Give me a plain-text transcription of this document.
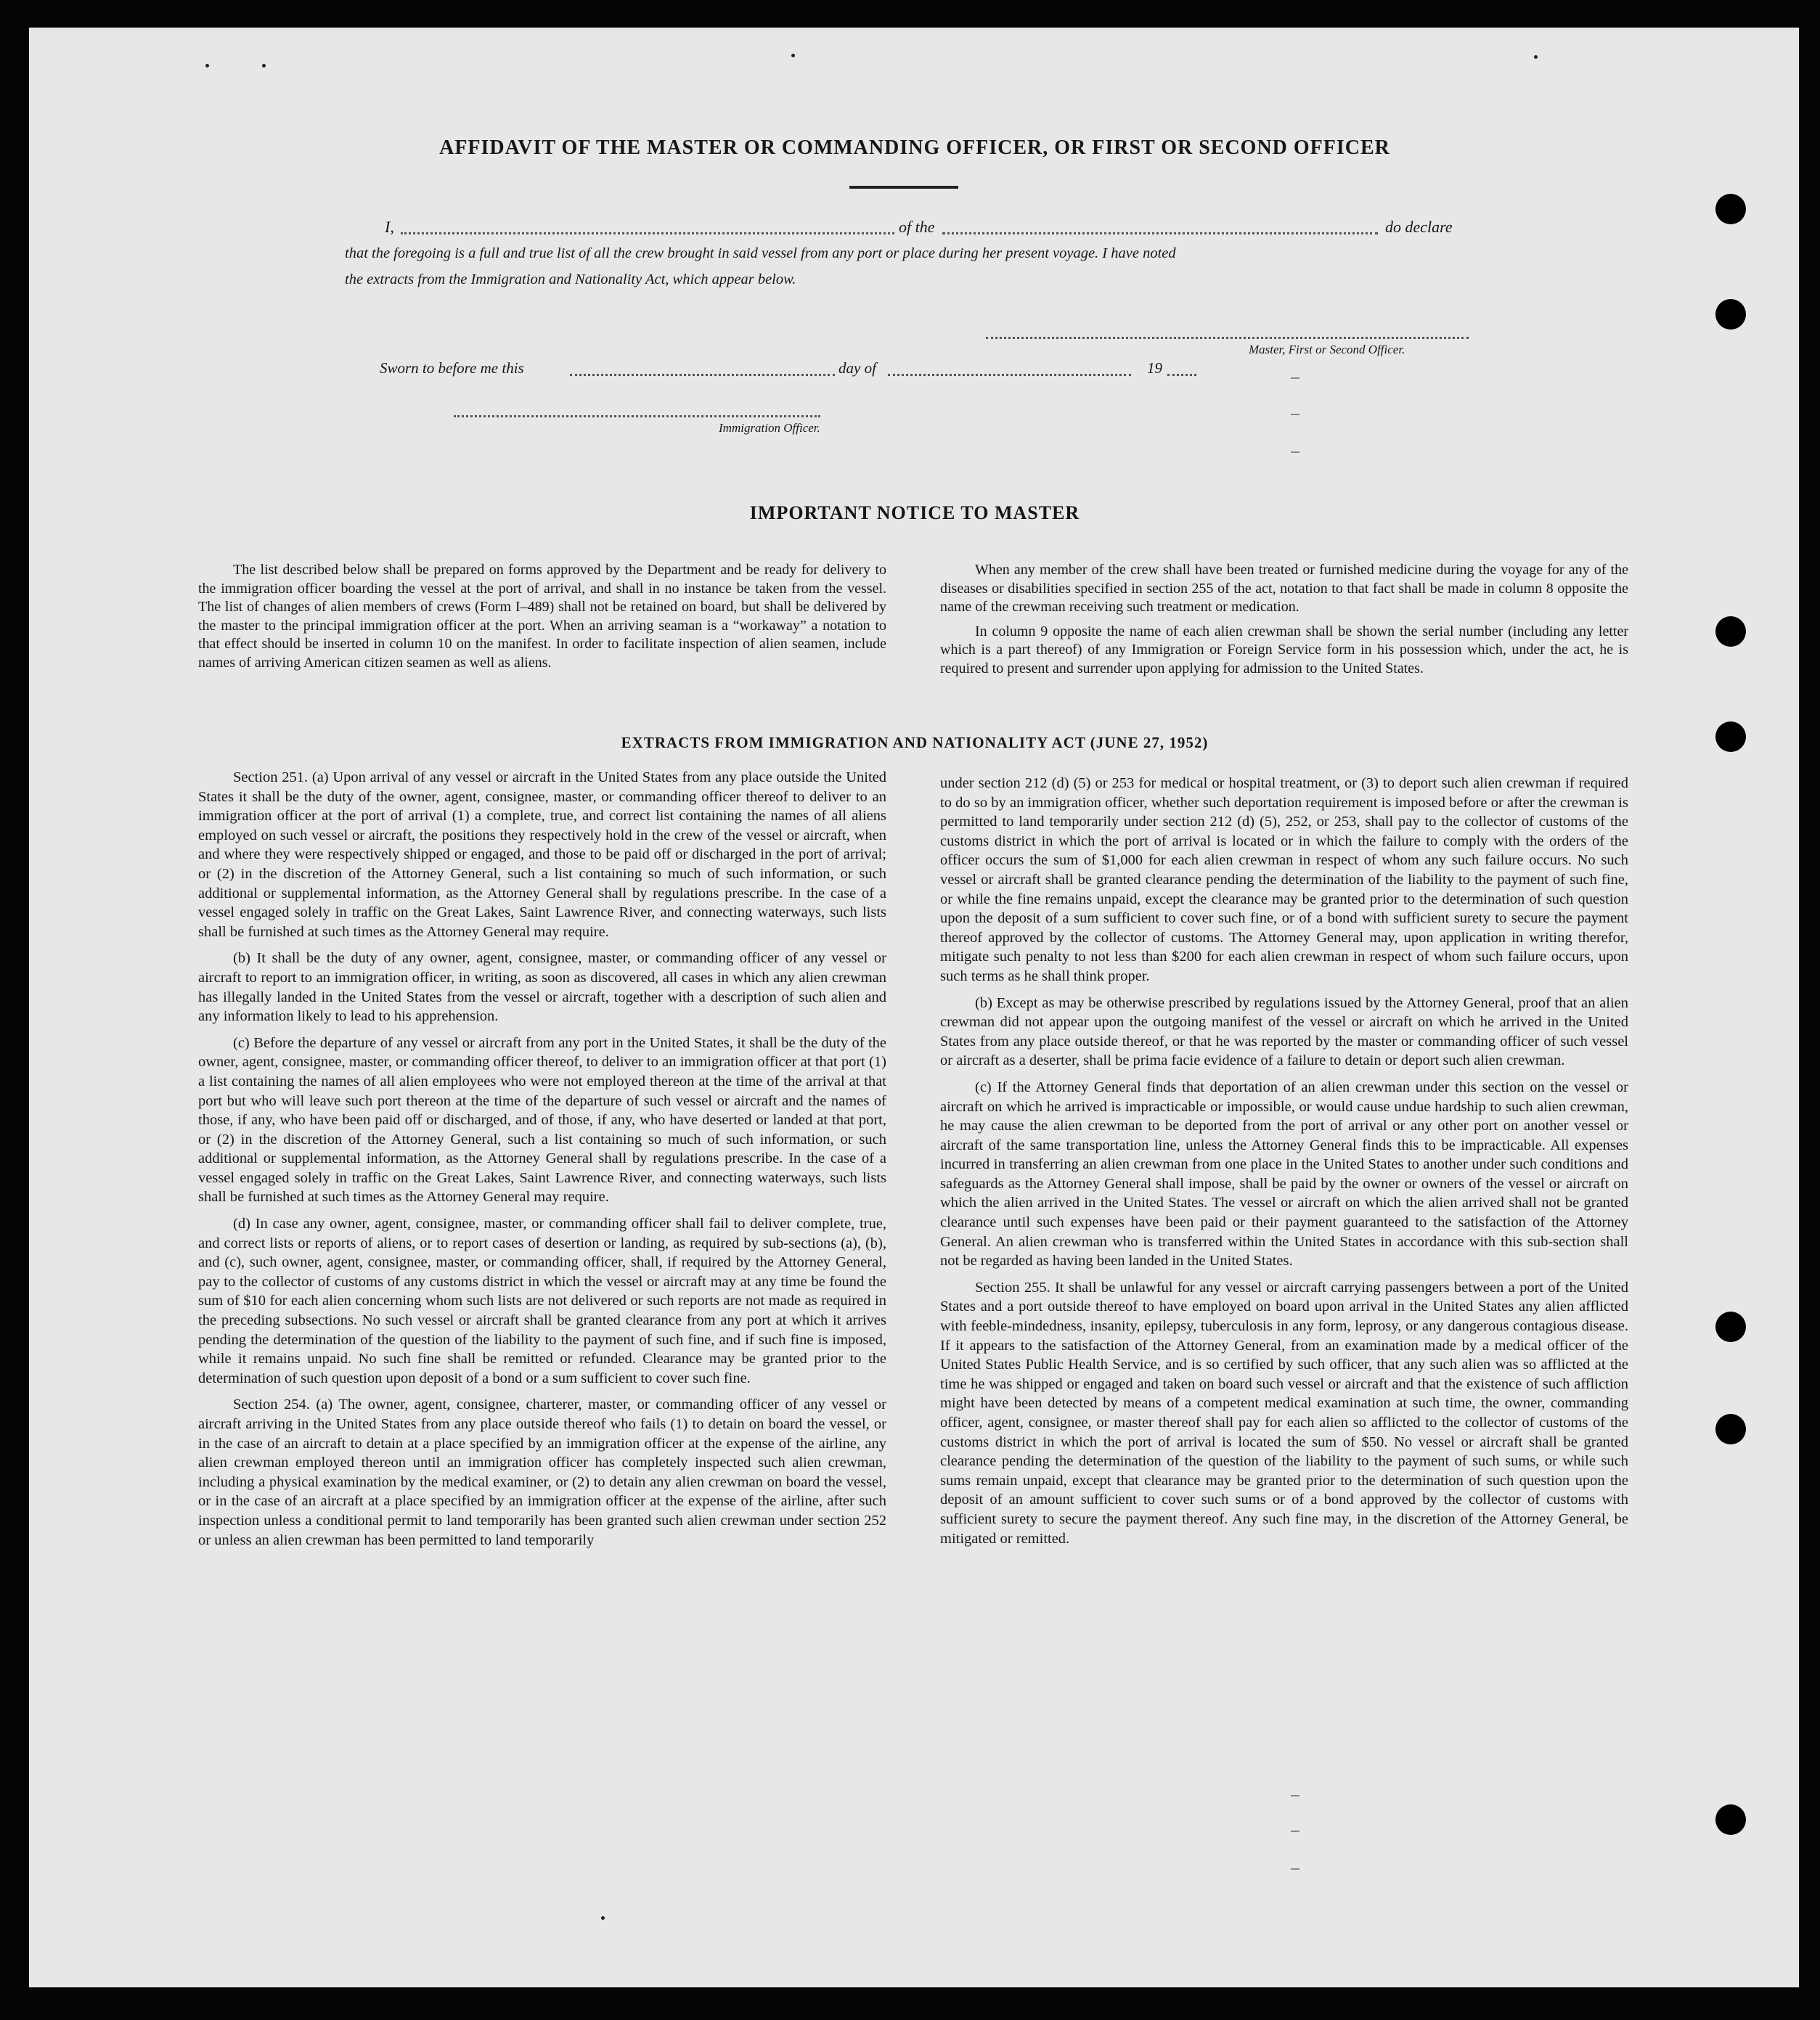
AFFIDAVIT OF THE MASTER OR COMMANDING OFFICER, OR FIRST OR SECOND OFFICER
I,	of the	do declare
that the foregoing is a full and true list of all the crew brought in said vessel from any port or place during her present voyage. I have noted
the extracts from the Immigration and Nationality Act, which appear below.
Master, First or Second Officer.
Sworn to before me this	day of	19
Immigration Officer.
IMPORTANT NOTICE TO MASTER

The list described below shall be prepared on forms approved by the Department and be ready for delivery to the immigration officer boarding the vessel at the port of arrival, and shall in no instance be taken from the vessel. The list of changes of alien members of crews (Form I–489) shall not be retained on board, but shall be delivered by the master to the principal immigration officer at the port. When an arriving seaman is a “workaway” a notation to that effect should be inserted in column 10 on the manifest. In order to facilitate inspection of alien seamen, include names of arriving American citizen seamen as well as aliens.

When any member of the crew shall have been treated or furnished medicine during the voyage for any of the diseases or disabilities specified in section 255 of the act, notation to that fact shall be made in column 8 opposite the name of the crewman receiving such treatment or medication.

In column 9 opposite the name of each alien crewman shall be shown the serial number (including any letter which is a part thereof) of any Immigration or Foreign Service form in his possession which, under the act, he is required to present and surrender upon applying for admission to the United States.

EXTRACTS FROM IMMIGRATION AND NATIONALITY ACT (JUNE 27, 1952)

Section 251. (a) Upon arrival of any vessel or aircraft in the United States from any place outside the United States it shall be the duty of the owner, agent, consignee, master, or commanding officer thereof to deliver to an immigration officer at the port of arrival (1) a complete, true, and correct list containing the names of all aliens employed on such vessel or aircraft, the positions they respectively hold in the crew of the vessel or aircraft, when and where they were respectively shipped or engaged, and those to be paid off or discharged in the port of arrival; or (2) in the discretion of the Attorney General, such a list containing so much of such information, or such additional or supplemental information, as the Attorney General shall by regulations prescribe. In the case of a vessel engaged solely in traffic on the Great Lakes, Saint Lawrence River, and connecting waterways, such lists shall be furnished at such times as the Attorney General may require.

(b) It shall be the duty of any owner, agent, consignee, master, or commanding officer of any vessel or aircraft to report to an immigration officer, in writing, as soon as discovered, all cases in which any alien crewman has illegally landed in the United States from the vessel or aircraft, together with a description of such alien and any information likely to lead to his apprehension.

(c) Before the departure of any vessel or aircraft from any port in the United States, it shall be the duty of the owner, agent, consignee, master, or commanding officer thereof, to deliver to an immigration officer at that port (1) a list containing the names of all alien employees who were not employed thereon at the time of the arrival at that port but who will leave such port thereon at the time of the departure of such vessel or aircraft and the names of those, if any, who have been paid off or discharged, and of those, if any, who have deserted or landed at that port, or (2) in the discretion of the Attorney General, such a list containing so much of such information, or such additional or supplemental information, as the Attorney General shall by regulations prescribe. In the case of a vessel engaged solely in traffic on the Great Lakes, Saint Lawrence River, and connecting waterways, such lists shall be furnished at such times as the Attorney General may require.

(d) In case any owner, agent, consignee, master, or commanding officer shall fail to deliver complete, true, and correct lists or reports of aliens, or to report cases of desertion or landing, as required by sub-sections (a), (b), and (c), such owner, agent, consignee, master, or commanding officer, shall, if required by the Attorney General, pay to the collector of customs of any customs district in which the vessel or aircraft may at any time be found the sum of $10 for each alien concerning whom such lists are not delivered or such reports are not made as required in the preceding subsections. No such vessel or aircraft shall be granted clearance from any port at which it arrives pending the determination of the question of the liability to the payment of such fine, and if such fine is imposed, while it remains unpaid. No such fine shall be remitted or refunded. Clearance may be granted prior to the determination of such question upon deposit of a bond or a sum sufficient to cover such fine.

Section 254. (a) The owner, agent, consignee, charterer, master, or commanding officer of any vessel or aircraft arriving in the United States from any place outside thereof who fails (1) to detain on board the vessel, or in the case of an aircraft to detain at a place specified by an immigration officer at the expense of the airline, any alien crewman employed thereon until an immigration officer has completely inspected such alien crewman, including a physical examination by the medical examiner, or (2) to detain any alien crewman on board the vessel, or in the case of an aircraft at a place specified by an immigration officer at the expense of the airline, after such inspection unless a conditional permit to land temporarily has been granted such alien crewman under section 252 or unless an alien crewman has been permitted to land temporarily

under section 212 (d) (5) or 253 for medical or hospital treatment, or (3) to deport such alien crewman if required to do so by an immigration officer, whether such deportation requirement is imposed before or after the crewman is permitted to land temporarily under section 212 (d) (5), 252, or 253, shall pay to the collector of customs of the customs district in which the port of arrival is located or in which the failure to comply with the orders of the officer occurs the sum of $1,000 for each alien crewman in respect of whom any such failure occurs. No such vessel or aircraft shall be granted clearance pending the determination of the liability to the payment of such fine, or while the fine remains unpaid, except the clearance may be granted prior to the determination of such question upon the deposit of a sum sufficient to cover such fine, or of a bond with sufficient surety to secure the payment thereof approved by the collector of customs. The Attorney General may, upon application in writing therefor, mitigate such penalty to not less than $200 for each alien crewman in respect of whom such failure occurs, upon such terms as he shall think proper.

(b) Except as may be otherwise prescribed by regulations issued by the Attorney General, proof that an alien crewman did not appear upon the outgoing manifest of the vessel or aircraft on which he arrived in the United States from any place outside thereof, or that he was reported by the master or commanding officer of such vessel or aircraft as a deserter, shall be prima facie evidence of a failure to detain or deport such alien crewman.

(c) If the Attorney General finds that deportation of an alien crewman under this section on the vessel or aircraft on which he arrived is impracticable or impossible, or would cause undue hardship to such alien crewman, he may cause the alien crewman to be deported from the port of arrival or any other port on another vessel or aircraft of the same transportation line, unless the Attorney General finds this to be impracticable. All expenses incurred in transferring an alien crewman from one place in the United States to another under such conditions and safeguards as the Attorney General shall impose, shall be paid by the owner or owners of the vessel or aircraft on which the alien arrived in the United States. The vessel or aircraft on which the alien arrived shall not be granted clearance until such expenses have been paid or their payment guaranteed to the satisfaction of the Attorney General. An alien crewman who is transferred within the United States in accordance with this sub-section shall not be regarded as having been landed in the United States.

Section 255. It shall be unlawful for any vessel or aircraft carrying passengers between a port of the United States and a port outside thereof to have employed on board upon arrival in the United States any alien afflicted with feeble-mindedness, insanity, epilepsy, tuberculosis in any form, leprosy, or any dangerous contagious disease. If it appears to the satisfaction of the Attorney General, from an examination made by a medical officer of the United States Public Health Service, and is so certified by such officer, that any such alien was so afflicted at the time he was shipped or engaged and taken on board such vessel or aircraft and that the existence of such affliction might have been detected by means of a competent medical examination at such time, the owner, commanding officer, agent, consignee, or master thereof shall pay for each alien so afflicted to the collector of customs of the customs district in which the port of arrival is located the sum of $50. No vessel or aircraft shall be granted clearance pending the determination of the question of the liability to the payment of such sums, or while such sums remain unpaid, except that clearance may be granted prior to the determination of such question upon the deposit of an amount sufficient to cover such sums or of a bond approved by the collector of customs with sufficient surety to secure the payment thereof. Any such fine may, in the discretion of the Attorney General, be mitigated or remitted.
